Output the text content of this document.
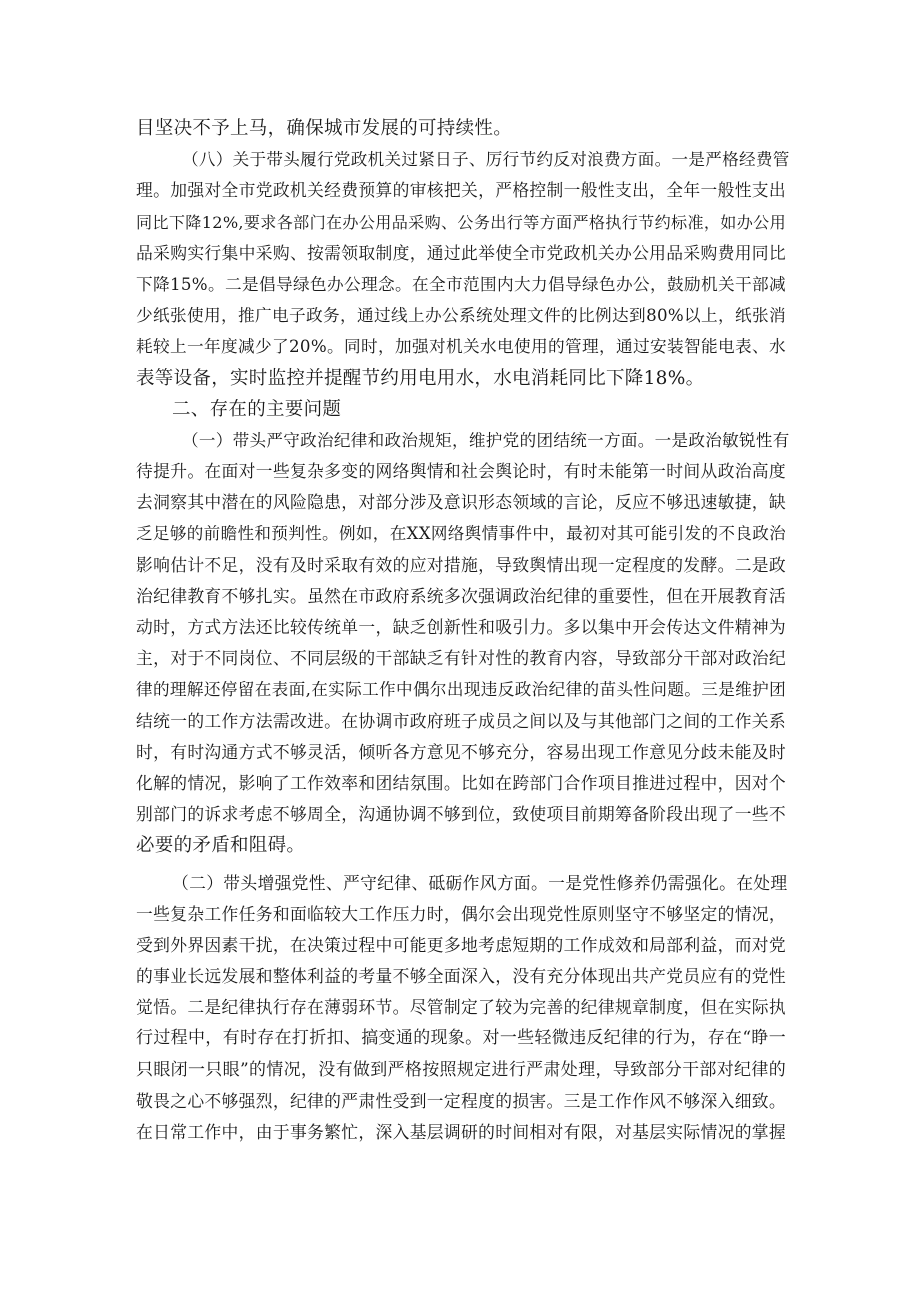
目坚决不予上马，确保城市发展的可持续性。
（八）关于带头履行党政机关过紧日子、厉行节约反对浪费方面。一是严格经费管
理。加强对全市党政机关经费预算的审核把关，严格控制一般性支出，全年一般性支出
同比下降12%,要求各部门在办公用品采购、公务出行等方面严格执行节约标准，如办公用
品采购实行集中采购、按需领取制度，通过此举使全市党政机关办公用品采购费用同比
下降15%。二是倡导绿色办公理念。在全市范围内大力倡导绿色办公，鼓励机关干部减
少纸张使用，推广电子政务，通过线上办公系统处理文件的比例达到80%以上，纸张消
耗较上一年度减少了20%。同时，加强对机关水电使用的管理，通过安装智能电表、水
表等设备，实时监控并提醒节约用电用水，水电消耗同比下降18%。
二、存在的主要问题
（一）带头严守政治纪律和政治规矩，维护党的团结统一方面。一是政治敏锐性有
待提升。在面对一些复杂多变的网络舆情和社会舆论时，有时未能第一时间从政治高度
去洞察其中潜在的风险隐患，对部分涉及意识形态领域的言论，反应不够迅速敏捷，缺
乏足够的前瞻性和预判性。例如，在XX网络舆情事件中，最初对其可能引发的不良政治
影响估计不足，没有及时采取有效的应对措施，导致舆情出现一定程度的发酵。二是政
治纪律教育不够扎实。虽然在市政府系统多次强调政治纪律的重要性，但在开展教育活
动时，方式方法还比较传统单一，缺乏创新性和吸引力。多以集中开会传达文件精神为
主，对于不同岗位、不同层级的干部缺乏有针对性的教育内容，导致部分干部对政治纪
律的理解还停留在表面,在实际工作中偶尔出现违反政治纪律的苗头性问题。三是维护团
结统一的工作方法需改进。在协调市政府班子成员之间以及与其他部门之间的工作关系
时，有时沟通方式不够灵活，倾听各方意见不够充分，容易出现工作意见分歧未能及时
化解的情况，影响了工作效率和团结氛围。比如在跨部门合作项目推进过程中，因对个
别部门的诉求考虑不够周全，沟通协调不够到位，致使项目前期筹备阶段出现了一些不
必要的矛盾和阻碍。
（二）带头增强党性、严守纪律、砥砺作风方面。一是党性修养仍需强化。在处理
一些复杂工作任务和面临较大工作压力时，偶尔会出现党性原则坚守不够坚定的情况，
受到外界因素干扰，在决策过程中可能更多地考虑短期的工作成效和局部利益，而对党
的事业长远发展和整体利益的考量不够全面深入，没有充分体现出共产党员应有的党性
觉悟。二是纪律执行存在薄弱环节。尽管制定了较为完善的纪律规章制度，但在实际执
行过程中，有时存在打折扣、搞变通的现象。对一些轻微违反纪律的行为，存在“睁一
只眼闭一只眼”的情况，没有做到严格按照规定进行严肃处理，导致部分干部对纪律的
敬畏之心不够强烈，纪律的严肃性受到一定程度的损害。三是工作作风不够深入细致。
在日常工作中，由于事务繁忙，深入基层调研的时间相对有限，对基层实际情况的掌握
